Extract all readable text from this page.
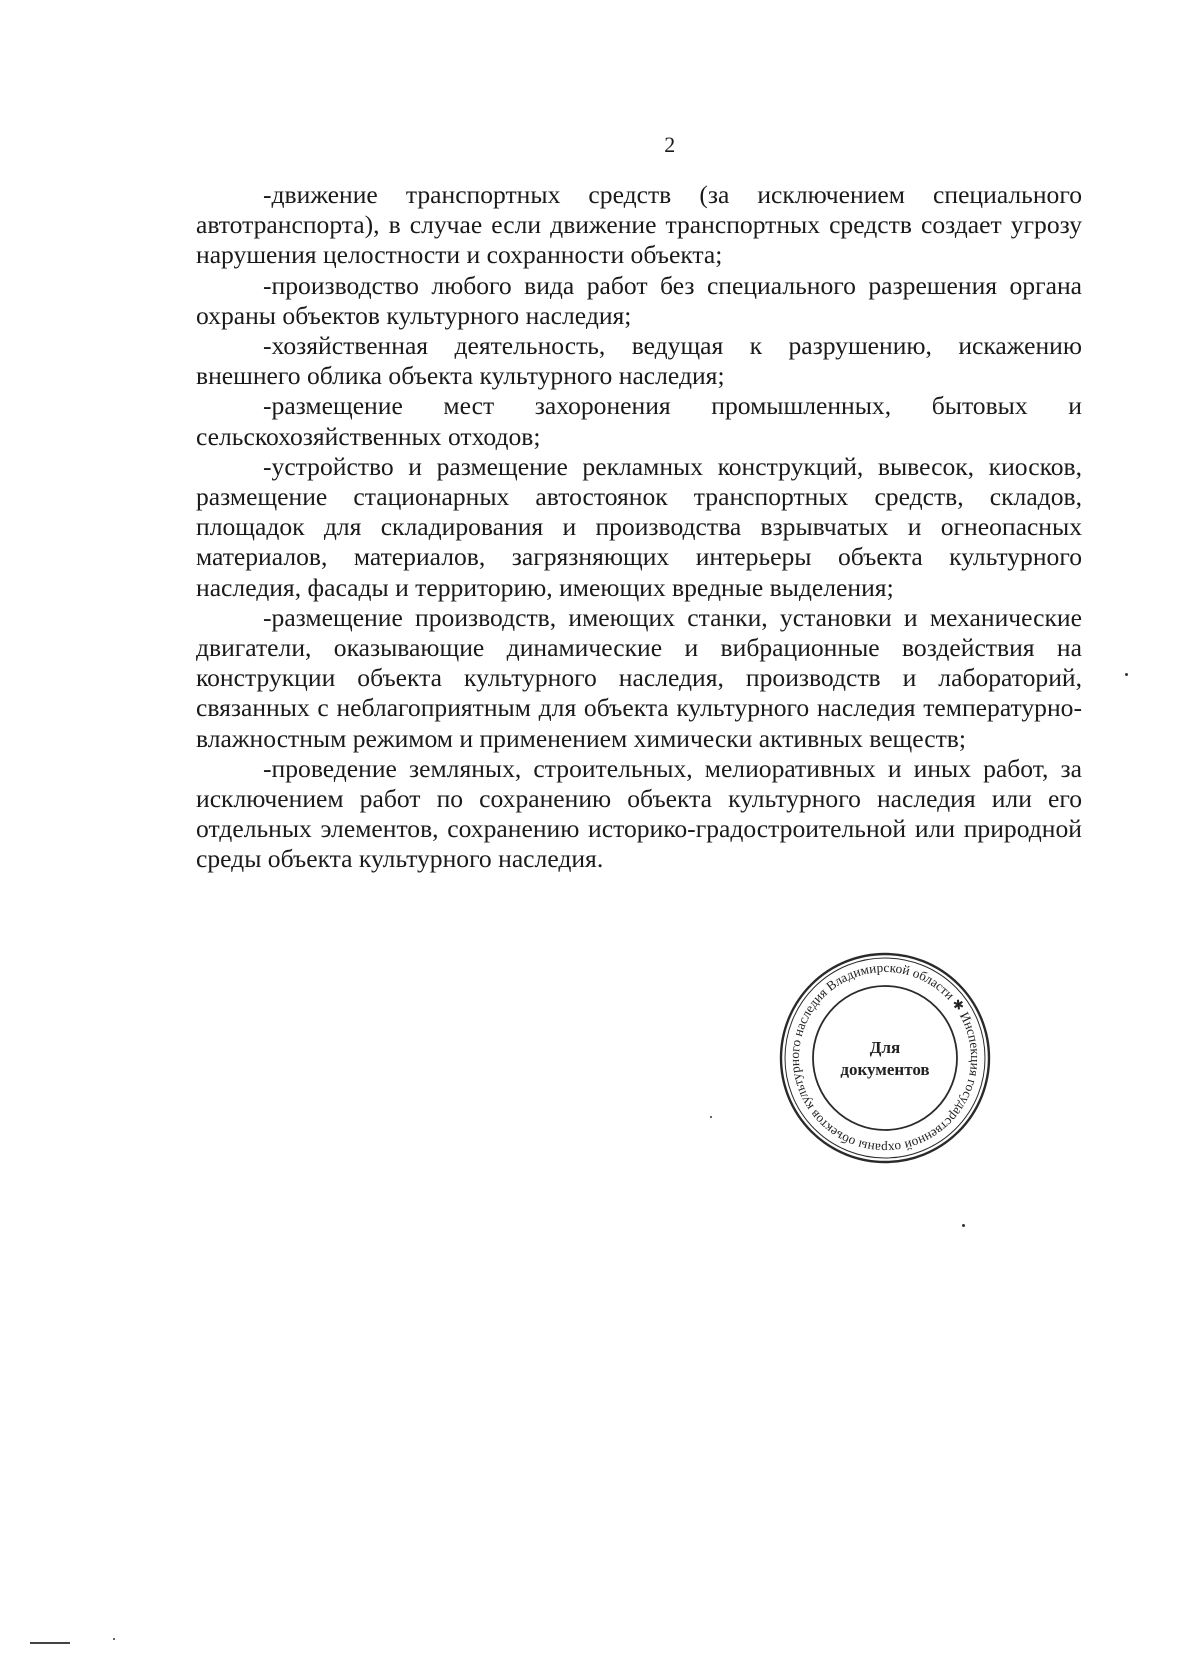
2

-движение транспортных средств (за исключением специального автотранспорта), в случае если движение транспортных средств создает угрозу нарушения целостности и сохранности объекта;

-производство любого вида работ без специального разрешения органа охраны объектов культурного наследия;

-хозяйственная деятельность, ведущая к разрушению, искажению внешнего облика объекта культурного наследия;

-размещение мест захоронения промышленных, бытовых и сельскохозяйственных отходов;

-устройство и размещение рекламных конструкций, вывесок, киосков, размещение стационарных автостоянок транспортных средств, складов, площадок для складирования и производства взрывчатых и огнеопасных материалов, материалов, загрязняющих интерьеры объекта культурного наследия, фасады и территорию, имеющих вредные выделения;

-размещение производств, имеющих станки, установки и механические двигатели, оказывающие динамические и вибрационные воздействия на конструкции объекта культурного наследия, производств и лабораторий, связанных с неблагоприятным для объекта культурного наследия температурно-влажностным режимом и применением химически активных веществ;

-проведение земляных, строительных, мелиоративных и иных работ, за исключением работ по сохранению объекта культурного наследия или его отдельных элементов, сохранению историко-градостроительной или природной среды объекта культурного наследия.

Инспекция государственной охраны объектов культурного наследия Владимирской области ✱
Для
документов
